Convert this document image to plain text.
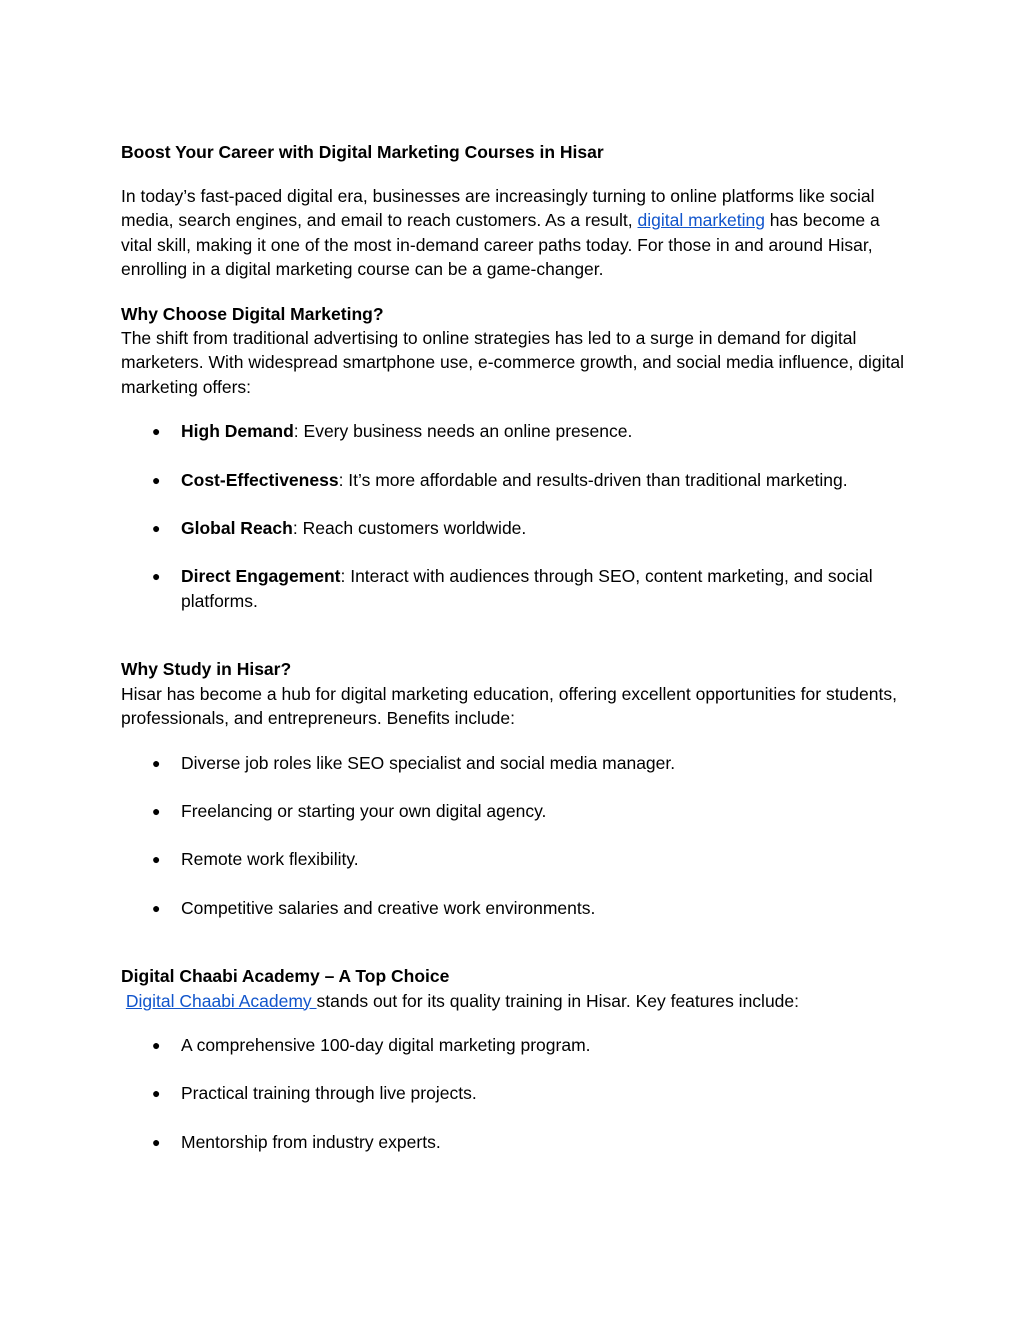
Boost Your Career with Digital Marketing Courses in Hisar

In today’s fast-paced digital era, businesses are increasingly turning to online platforms like social media, search engines, and email to reach customers. As a result, digital marketing has become a vital skill, making it one of the most in-demand career paths today. For those in and around Hisar, enrolling in a digital marketing course can be a game-changer.

Why Choose Digital Marketing?
The shift from traditional advertising to online strategies has led to a surge in demand for digital marketers. With widespread smartphone use, e-commerce growth, and social media influence, digital marketing offers:
● High Demand: Every business needs an online presence.
● Cost-Effectiveness: It’s more affordable and results-driven than traditional marketing.
● Global Reach: Reach customers worldwide.
● Direct Engagement: Interact with audiences through SEO, content marketing, and social platforms.
Why Study in Hisar?
Hisar has become a hub for digital marketing education, offering excellent opportunities for students, professionals, and entrepreneurs. Benefits include:
● Diverse job roles like SEO specialist and social media manager.
● Freelancing or starting your own digital agency.
● Remote work flexibility.
● Competitive salaries and creative work environments.
Digital Chaabi Academy – A Top Choice
Digital Chaabi Academy stands out for its quality training in Hisar. Key features include:
● A comprehensive 100-day digital marketing program.
● Practical training through live projects.
● Mentorship from industry experts.
